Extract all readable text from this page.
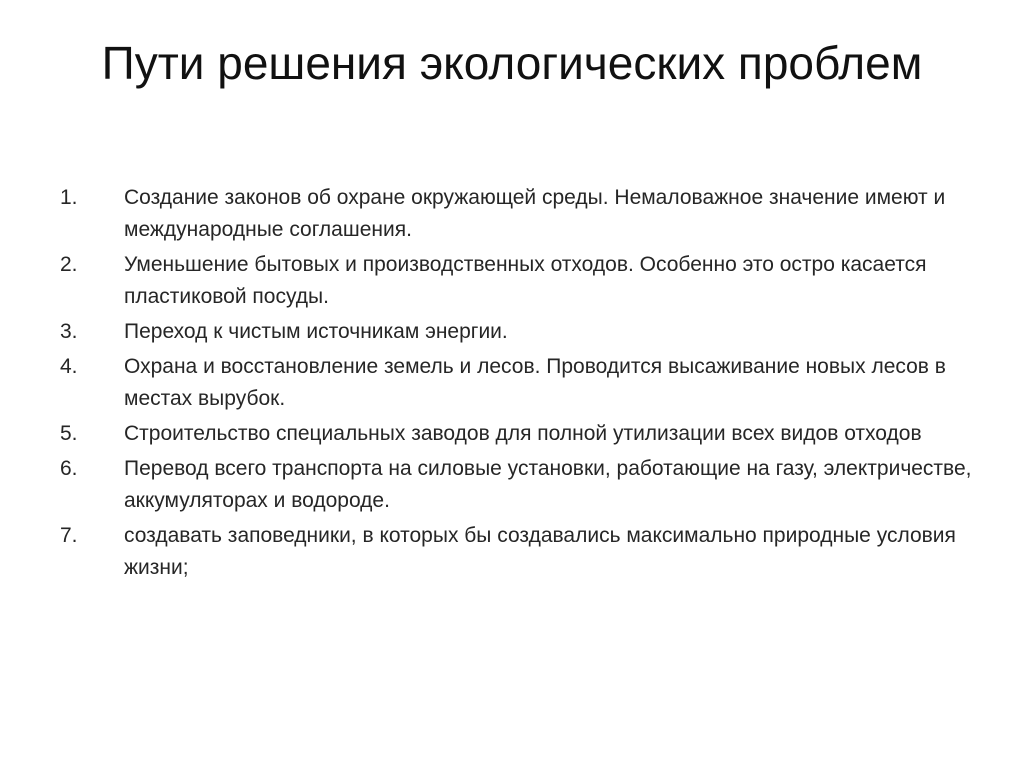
Пути решения экологических проблем
1.	Создание законов об охране окружающей среды. Немаловажное значение имеют и международные соглашения.
2.	Уменьшение бытовых и производственных отходов. Особенно это остро касается пластиковой посуды.
3.	Переход к чистым источникам энергии.
4.	Охрана и восстановление земель и лесов. Проводится высаживание новых лесов в местах вырубок.
5.	Строительство специальных заводов для полной утилизации всех видов отходов
6.	Перевод всего транспорта на силовые установки, работающие на газу, электричестве, аккумуляторах и водороде.
7.	создавать заповедники, в которых бы создавались максимально природные условия жизни;
